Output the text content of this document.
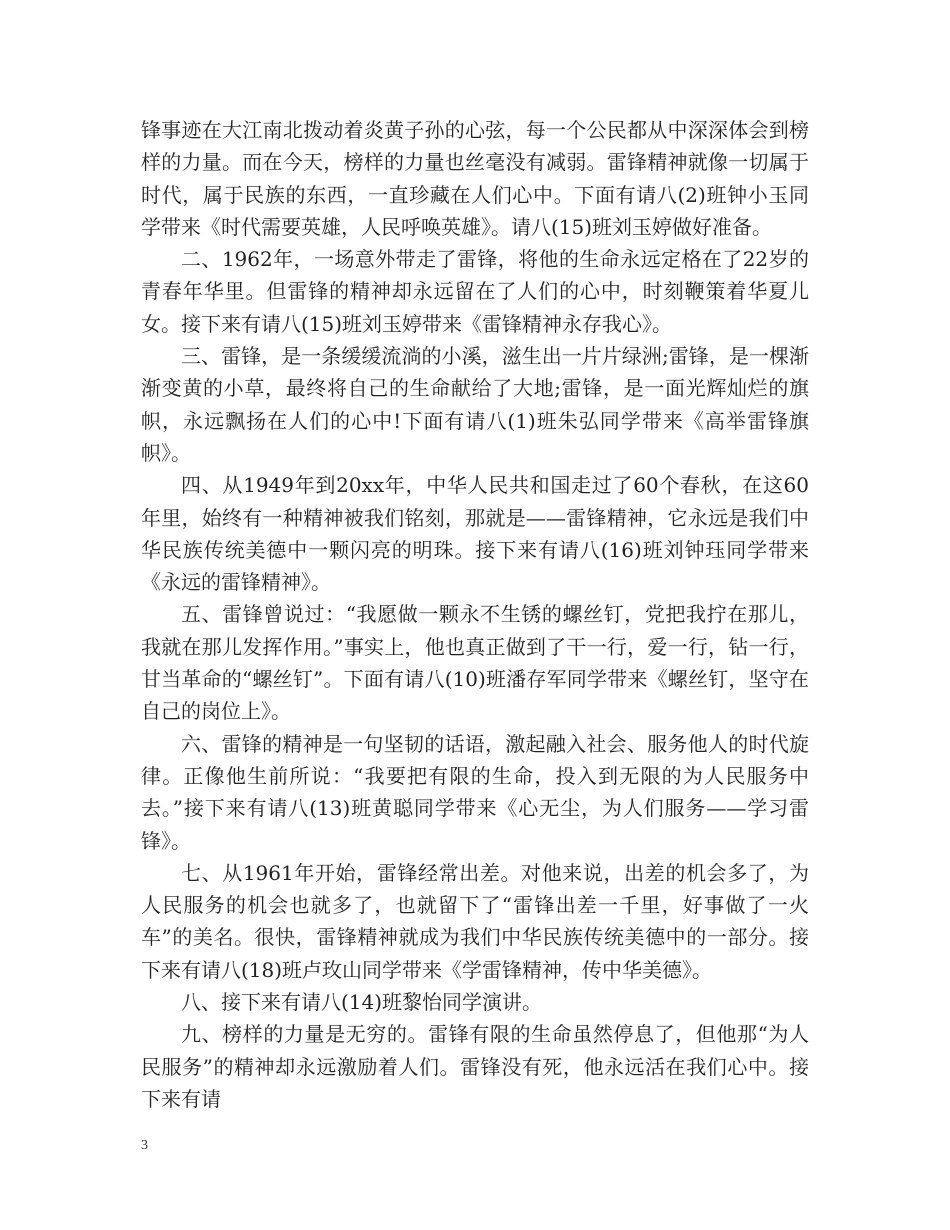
锋事迹在大江南北拨动着炎黄子孙的心弦，每一个公民都从中深深体会到榜样的力量。而在今天，榜样的力量也丝毫没有减弱。雷锋精神就像一切属于时代，属于民族的东西，一直珍藏在人们心中。下面有请八(2)班钟小玉同学带来《时代需要英雄，人民呼唤英雄》。请八(15)班刘玉婷做好准备。

二、1962年，一场意外带走了雷锋，将他的生命永远定格在了22岁的青春年华里。但雷锋的精神却永远留在了人们的心中，时刻鞭策着华夏儿女。接下来有请八(15)班刘玉婷带来《雷锋精神永存我心》。

三、雷锋，是一条缓缓流淌的小溪，滋生出一片片绿洲;雷锋，是一棵渐渐变黄的小草，最终将自己的生命献给了大地;雷锋，是一面光辉灿烂的旗帜，永远飘扬在人们的心中!下面有请八(1)班朱弘同学带来《高举雷锋旗帜》。

四、从1949年到20xx年，中华人民共和国走过了60个春秋，在这60年里，始终有一种精神被我们铭刻，那就是——雷锋精神，它永远是我们中华民族传统美德中一颗闪亮的明珠。接下来有请八(16)班刘钟珏同学带来《永远的雷锋精神》。

五、雷锋曾说过：“我愿做一颗永不生锈的螺丝钉，党把我拧在那儿，我就在那儿发挥作用。”事实上，他也真正做到了干一行，爱一行，钻一行，甘当革命的“螺丝钉”。下面有请八(10)班潘存军同学带来《螺丝钉，坚守在自己的岗位上》。

六、雷锋的精神是一句坚韧的话语，激起融入社会、服务他人的时代旋律。正像他生前所说：“我要把有限的生命，投入到无限的为人民服务中去。”接下来有请八(13)班黄聪同学带来《心无尘，为人们服务——学习雷锋》。

七、从1961年开始，雷锋经常出差。对他来说，出差的机会多了，为人民服务的机会也就多了，也就留下了“雷锋出差一千里，好事做了一火车”的美名。很快，雷锋精神就成为我们中华民族传统美德中的一部分。接下来有请八(18)班卢玫山同学带来《学雷锋精神，传中华美德》。

八、接下来有请八(14)班黎怡同学演讲。

九、榜样的力量是无穷的。雷锋有限的生命虽然停息了，但他那“为人民服务”的精神却永远激励着人们。雷锋没有死，他永远活在我们心中。接下来有请

3
